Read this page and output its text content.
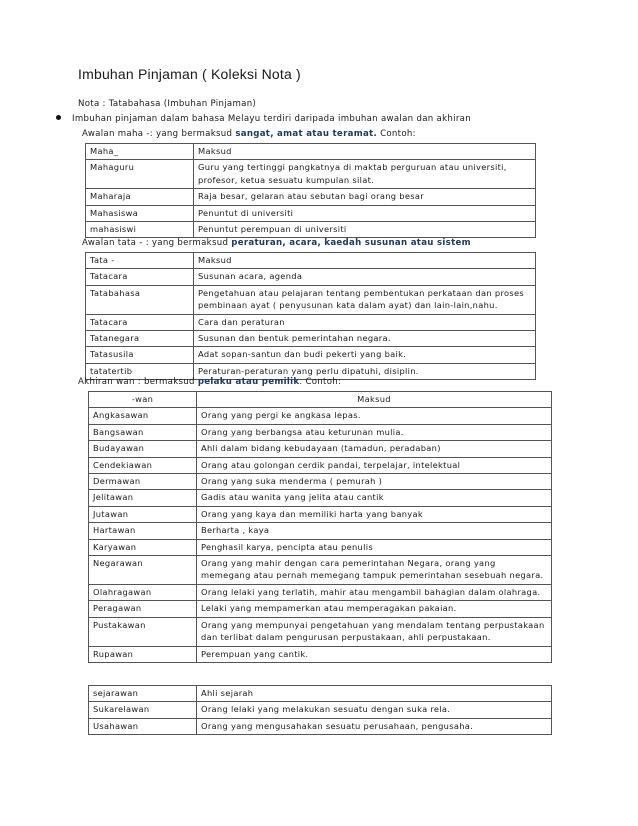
Imbuhan Pinjaman ( Koleksi Nota )
Nota : Tatabahasa (Imbuhan Pinjaman)
Imbuhan pinjaman dalam bahasa Melayu terdiri daripada imbuhan awalan dan akhiran
Awalan maha -: yang bermaksud sangat, amat atau teramat. Contoh:
Maha_	Maksud
Mahaguru	Guru yang tertinggi pangkatnya di maktab perguruan atau universiti, profesor, ketua sesuatu kumpulan silat.
Maharaja	Raja besar, gelaran atau sebutan bagi orang besar
Mahasiswa	Penuntut di universiti
mahasiswi	Penuntut perempuan di universiti
Awalan tata - : yang bermaksud peraturan, acara, kaedah susunan atau sistem
Tata -	Maksud
Tatacara	Susunan acara, agenda
Tatabahasa	Pengetahuan atau pelajaran tentang pembentukan perkataan dan proses pembinaan ayat ( penyusunan kata dalam ayat) dan lain-lain,nahu.
Tatacara	Cara dan peraturan
Tatanegara	Susunan dan bentuk pemerintahan negara.
Tatasusila	Adat sopan-santun dan budi pekerti yang baik.
tatatertib	Peraturan-peraturan yang perlu dipatuhi, disiplin.
Akhiran wan : bermaksud pelaku atau pemilik. Contoh:
-wan	Maksud
Angkasawan	Orang yang pergi ke angkasa lepas.
Bangsawan	Orang yang berbangsa atau keturunan mulia.
Budayawan	Ahli dalam bidang kebudayaan (tamadun, peradaban)
Cendekiawan	Orang atau golongan cerdik pandai, terpelajar, intelektual
Dermawan	Orang yang suka menderma ( pemurah )
Jelitawan	Gadis atau wanita yang jelita atau cantik
Jutawan	Orang yang kaya dan memiliki harta yang banyak
Hartawan	Berharta , kaya
Karyawan	Penghasil karya, pencipta atau penulis
Negarawan	Orang yang mahir dengan cara pemerintahan Negara, orang yang memegang atau pernah memegang tampuk pemerintahan sesebuah negara.
Olahragawan	Orang lelaki yang terlatih, mahir atau mengambil bahagian dalam olahraga.
Peragawan	Lelaki yang mempamerkan atau memperagakan pakaian.
Pustakawan	Orang yang mempunyai pengetahuan yang mendalam tentang perpustakaan dan terlibat dalam pengurusan perpustakaan, ahli perpustakaan.
Rupawan	Perempuan yang cantik.
sejarawan	Ahli sejarah
Sukarelawan	Orang lelaki yang melakukan sesuatu dengan suka rela.
Usahawan	Orang yang mengusahakan sesuatu perusahaan, pengusaha.
